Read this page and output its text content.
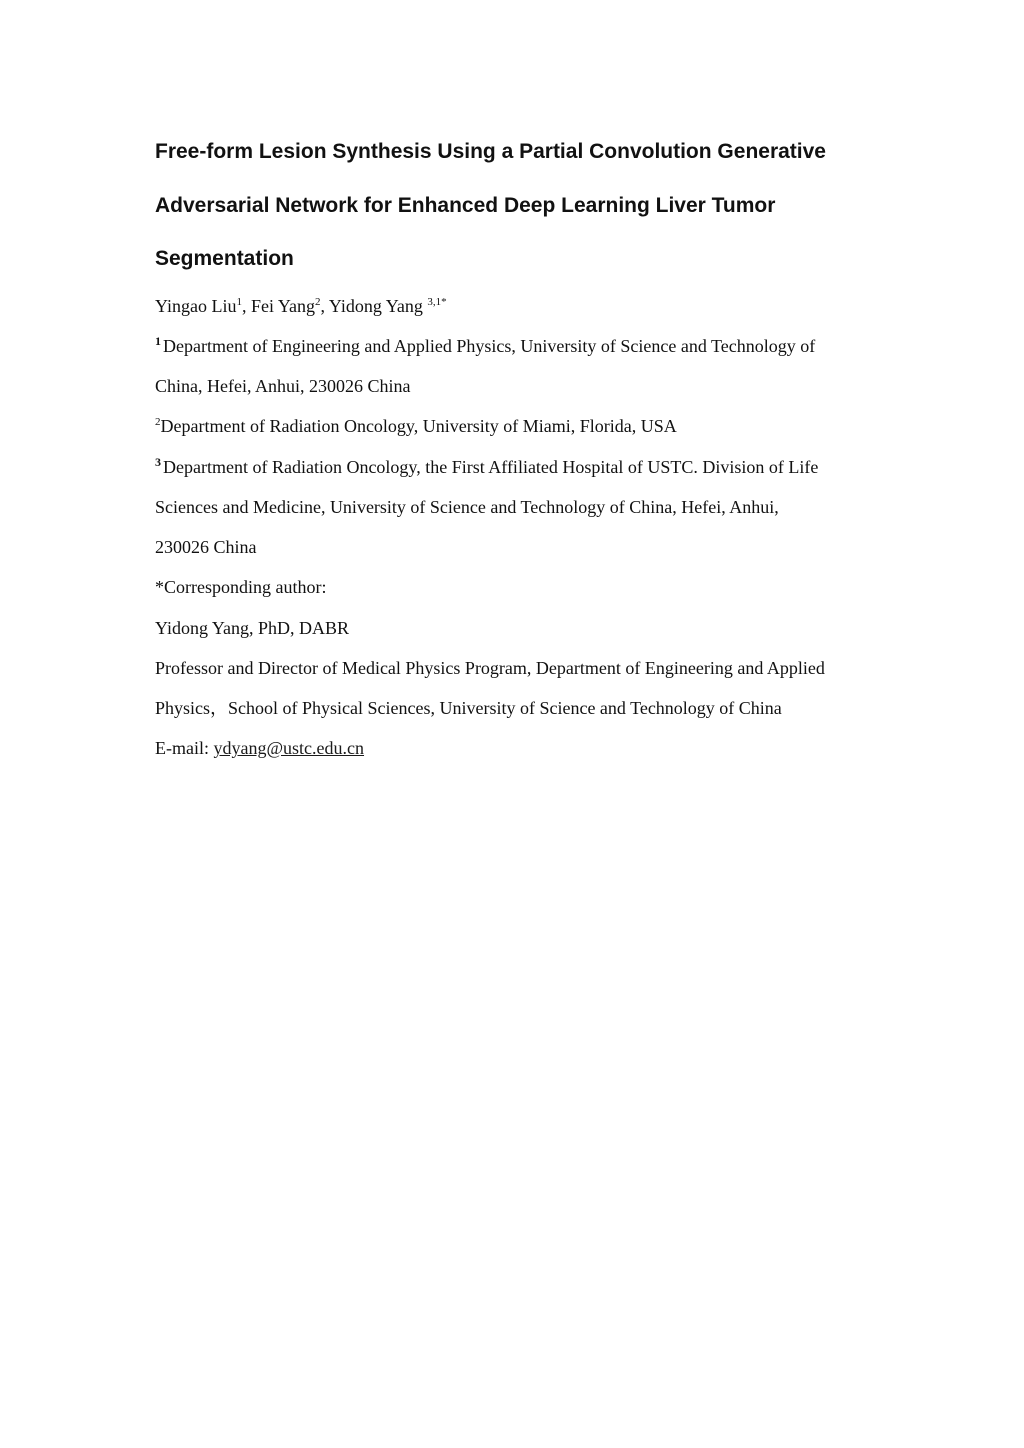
Free-form Lesion Synthesis Using a Partial Convolution Generative
Adversarial Network for Enhanced Deep Learning Liver Tumor
Segmentation
Yingao Liu$^1$, Fei Yang$^2$, Yidong Yang $^{3,1*}$
$^1$ Department of Engineering and Applied Physics, University of Science and Technology of
China, Hefei, Anhui, 230026 China
$^2$Department of Radiation Oncology, University of Miami, Florida, USA
$^3$ Department of Radiation Oncology, the First Affiliated Hospital of USTC. Division of Life
Sciences and Medicine, University of Science and Technology of China, Hefei, Anhui,
230026 China
*Corresponding author:
Yidong Yang, PhD, DABR
Professor and Director of Medical Physics Program, Department of Engineering and Applied
Physics，School of Physical Sciences, University of Science and Technology of China
E-mail: ydyang@ustc.edu.cn
